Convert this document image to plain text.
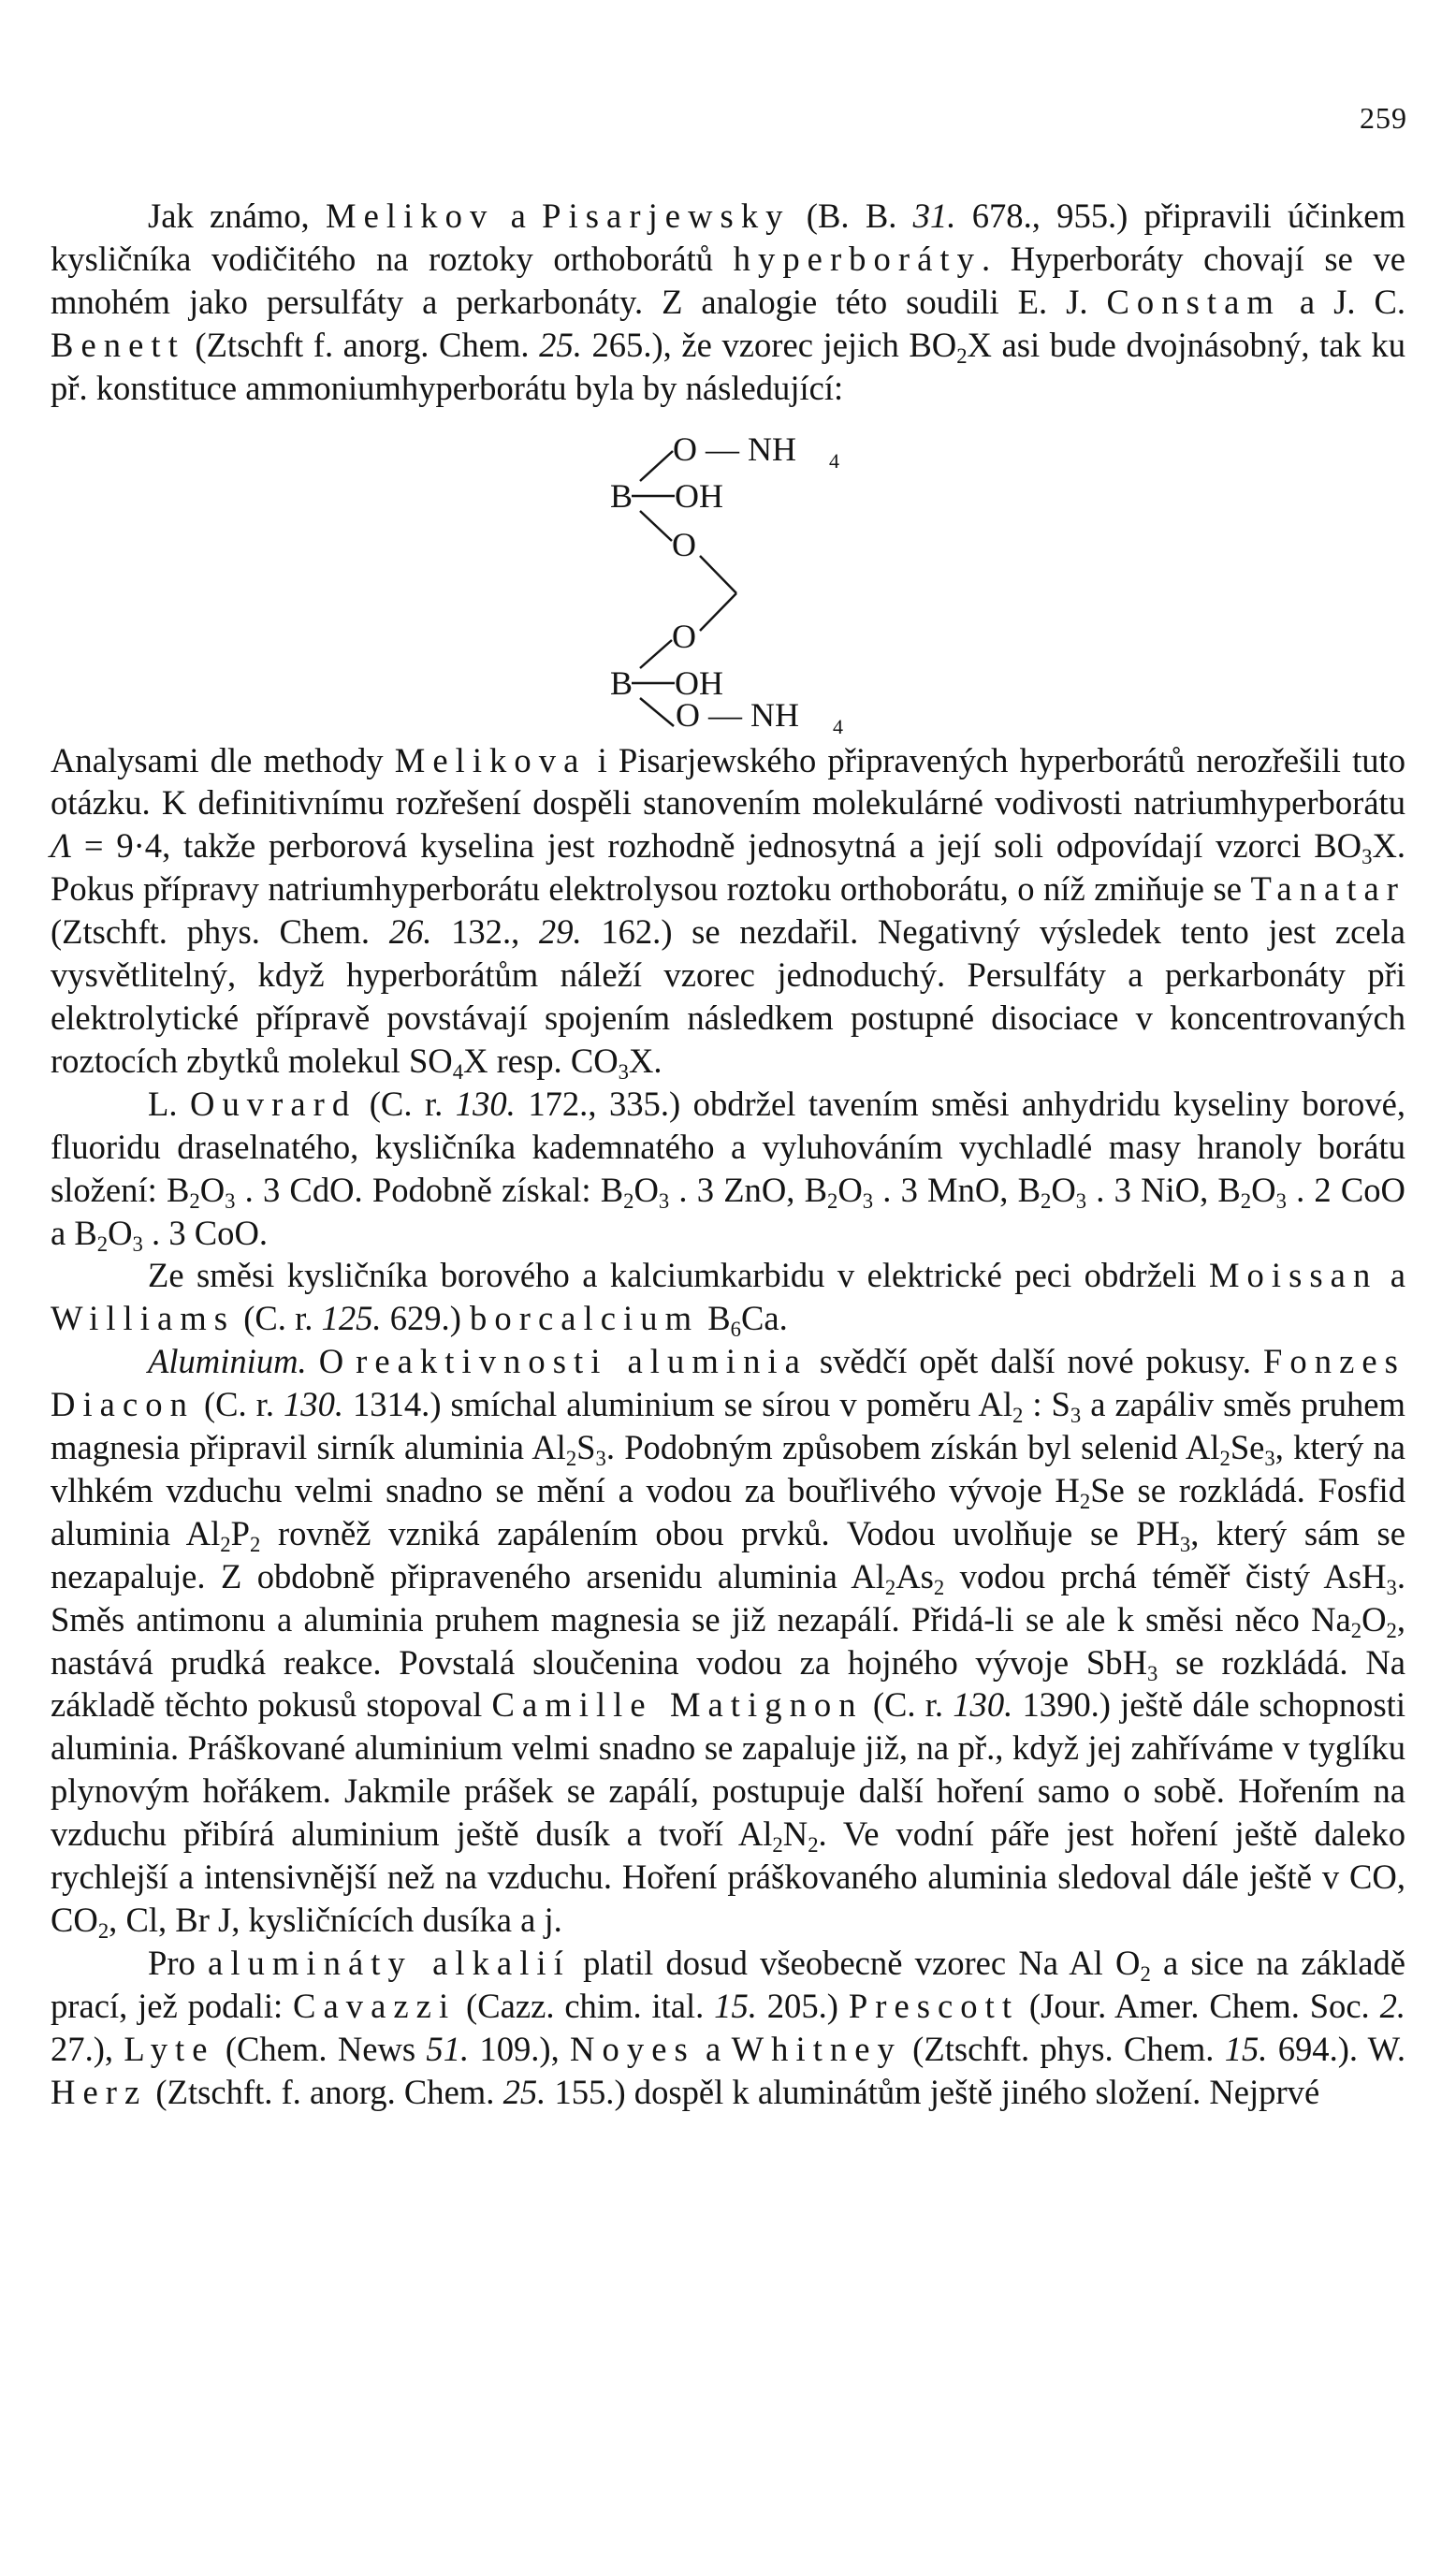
259

Jak známo, Melikov a Pisarjewsky (B. B. 31. 678., 955.) připravili účinkem kysličníka vodičitého na roztoky orthoborátů hyperboráty. Hyperboráty chovají se ve mnohém jako persulfáty a perkarbonáty. Z analogie této soudili E. J. Constam a J. C. Benett (Ztschft f. anorg. Chem. 25. 265.), že vzorec jejich $BO_2X$ asi bude dvojnásobný, tak ku př. konstituce ammoniumhyperborátu byla by následující:

O — NH 4
B OH
O
O
B OH
O — NH 4

Analysami dle methody Melikova i Pisarjewského připravených hyperborátů nerozřešili tuto otázku. K definitivnímu rozřešení dospěli stanovením molekulárné vodivosti natriumhyperborátu Λ = 9·4, takže perborová kyselina jest rozhodně jednosytná a její soli odpovídají vzorci $BO_3X$. Pokus přípravy natriumhyperborátu elektrolysou roztoku orthoborátu, o níž zmiňuje se Tanatar (Ztschft. phys. Chem. 26. 132., 29. 162.) se nezdařil. Negativný výsledek tento jest zcela vysvětlitelný, když hyperborátům náleží vzorec jednoduchý. Persulfáty a perkarbonáty při elektrolytické přípravě povstávají spojením následkem postupné disociace v koncentrovaných roztocích zbytků molekul $SO_4X$ resp. $CO_3X$.

L. Ouvrard (C. r. 130. 172., 335.) obdržel tavením směsi anhydridu kyseliny borové, fluoridu draselnatého, kysličníka kademnatého a vyluhováním vychladlé masy hranoly borátu složení: $B_2O_3$ . 3 CdO. Podobně získal: $B_2O_3$ . 3 ZnO, $B_2O_3$ . 3 MnO, $B_2O_3$ . 3 NiO, $B_2O_3$ . 2 CoO a $B_2O_3$ . 3 CoO.

Ze směsi kysličníka borového a kalciumkarbidu v elektrické peci obdrželi Moissan a Williams (C. r. 125. 629.) borcalcium $B_6Ca$.

Aluminium. O reaktivnosti aluminia svědčí opět další nové pokusy. Fonzes Diacon (C. r. 130. 1314.) smíchal aluminium se sírou v poměru $Al_2$ : $S_3$ a zapáliv směs pruhem magnesia připravil sirník aluminia $Al_2S_3$. Podobným způsobem získán byl selenid $Al_2Se_3$, který na vlhkém vzduchu velmi snadno se mění a vodou za bouřlivého vývoje $H_2Se$ se rozkládá. Fosfid aluminia $Al_2P_2$ rovněž vzniká zapálením obou prvků. Vodou uvolňuje se $PH_3$, který sám se nezapaluje. Z obdobně připraveného arsenidu aluminia $Al_2As_2$ vodou prchá téměř čistý AsH$_3$. Směs antimonu a aluminia pruhem magnesia se již nezapálí. Přidá-li se ale k směsi něco $Na_2O_2$, nastává prudká reakce. Povstalá sloučenina vodou za hojného vývoje SbH$_3$ se rozkládá. Na základě těchto pokusů stopoval Camille Matignon (C. r. 130. 1390.) ještě dále schopnosti aluminia. Práškované aluminium velmi snadno se zapaluje již, na př., když jej zahříváme v tyglíku plynovým hořákem. Jakmile prášek se zapálí, postupuje další hoření samo o sobě. Hořením na vzduchu přibírá aluminium ještě dusík a tvoří $Al_2N_2$. Ve vodní páře jest hoření ještě daleko rychlejší a intensivnější než na vzduchu. Hoření práškovaného aluminia sledoval dále ještě v CO, $CO_2$, Cl, Br J, kysličnících dusíka a j.

Pro alumináty alkalií platil dosud všeobecně vzorec Na Al $O_2$ a sice na základě prací, jež podali: Cavazzi (Cazz. chim. ital. 15. 205.) Prescott (Jour. Amer. Chem. Soc. 2. 27.), Lyte (Chem. News 51. 109.), Noyes a Whitney (Ztschft. phys. Chem. 15. 694.). W. Herz (Ztschft. f. anorg. Chem. 25. 155.) dospěl k aluminátům ještě jiného složení. Nejprvé
